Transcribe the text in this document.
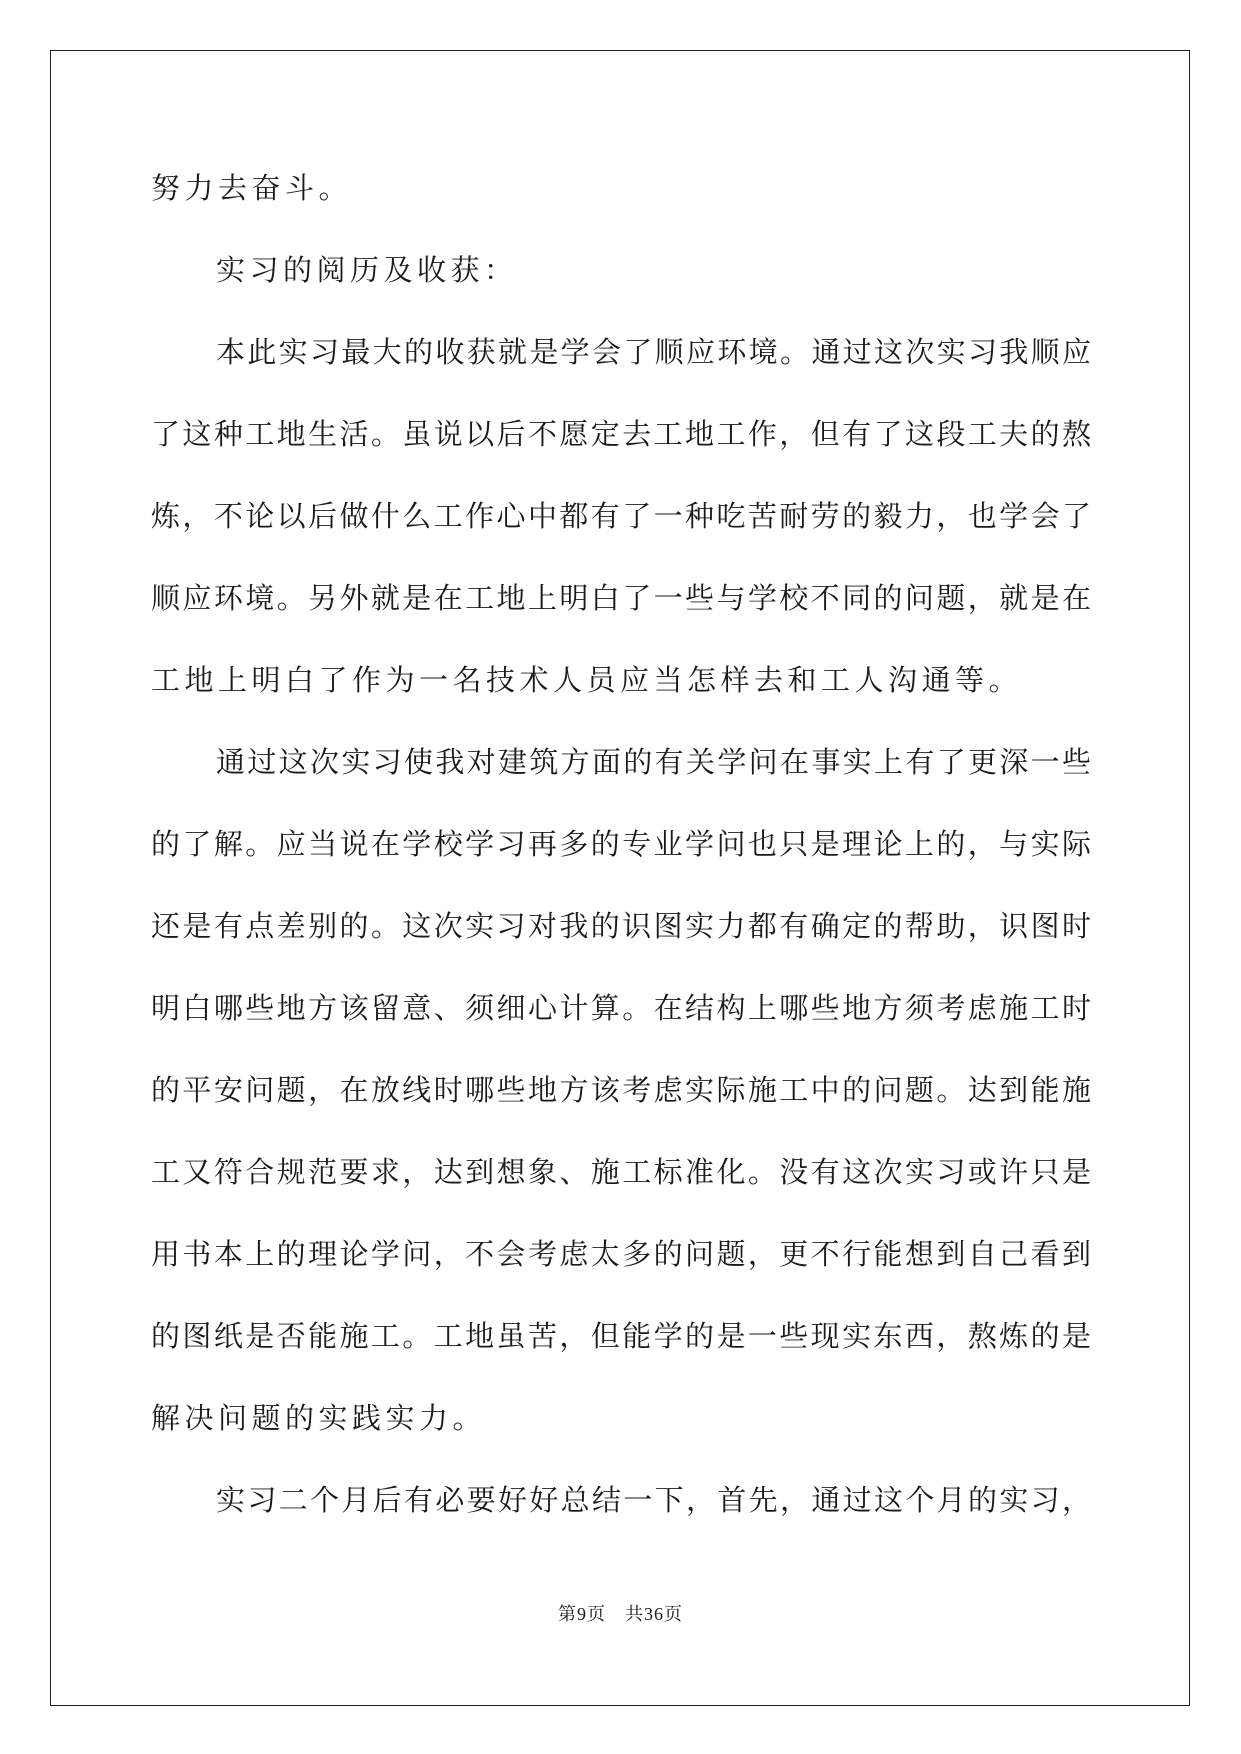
努力去奋斗。
实习的阅历及收获：
本此实习最大的收获就是学会了顺应环境。通过这次实习我顺应
了这种工地生活。虽说以后不愿定去工地工作，但有了这段工夫的熬
炼，不论以后做什么工作心中都有了一种吃苦耐劳的毅力，也学会了
顺应环境。另外就是在工地上明白了一些与学校不同的问题，就是在
工地上明白了作为一名技术人员应当怎样去和工人沟通等。
通过这次实习使我对建筑方面的有关学问在事实上有了更深一些
的了解。应当说在学校学习再多的专业学问也只是理论上的，与实际
还是有点差别的。这次实习对我的识图实力都有确定的帮助，识图时
明白哪些地方该留意、须细心计算。在结构上哪些地方须考虑施工时
的平安问题，在放线时哪些地方该考虑实际施工中的问题。达到能施
工又符合规范要求，达到想象、施工标准化。没有这次实习或许只是
用书本上的理论学问，不会考虑太多的问题，更不行能想到自己看到
的图纸是否能施工。工地虽苦，但能学的是一些现实东西，熬炼的是
解决问题的实践实力。
实习二个月后有必要好好总结一下，首先，通过这个月的实习，
第9页　共36页
